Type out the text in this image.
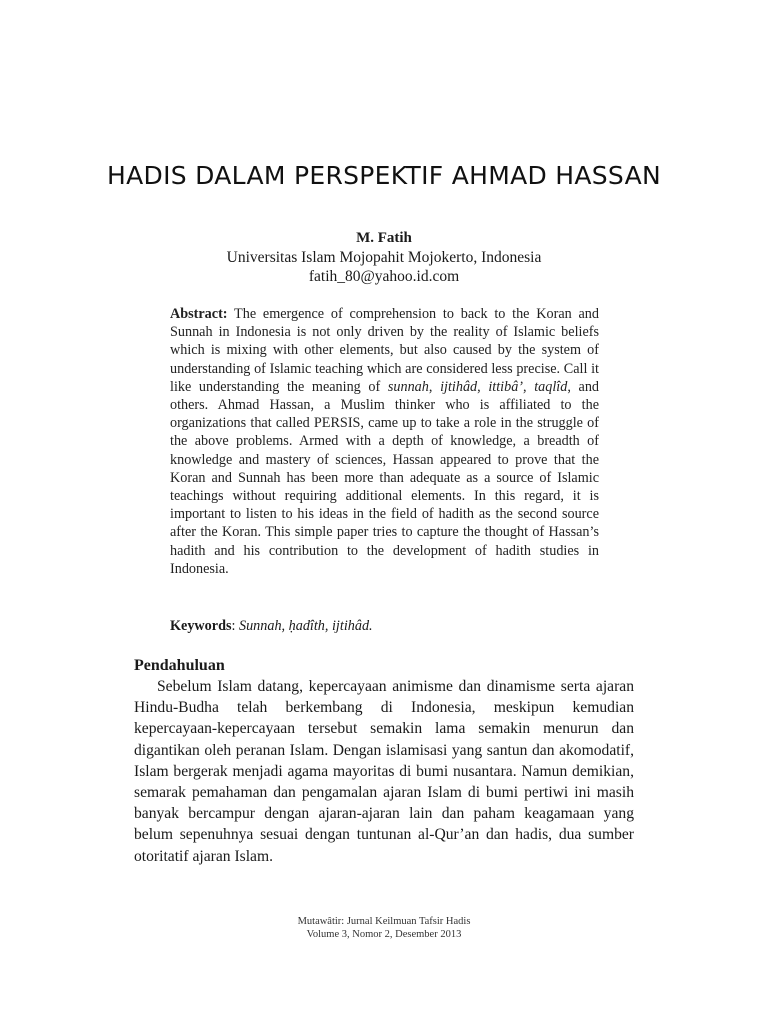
HADIS DALAM PERSPEKTIF AHMAD HASSAN
M. Fatih
Universitas Islam Mojopahit Mojokerto, Indonesia
fatih_80@yahoo.id.com
Abstract: The emergence of comprehension to back to the Koran and Sunnah in Indonesia is not only driven by the reality of Islamic beliefs which is mixing with other elements, but also caused by the system of understanding of Islamic teaching which are considered less precise. Call it like understanding the meaning of sunnah, ijtihâd, ittibâ’, taqlîd, and others. Ahmad Hassan, a Muslim thinker who is affiliated to the organizations that called PERSIS, came up to take a role in the struggle of the above problems. Armed with a depth of knowledge, a breadth of knowledge and mastery of sciences, Hassan appeared to prove that the Koran and Sunnah has been more than adequate as a source of Islamic teachings without requiring additional elements. In this regard, it is important to listen to his ideas in the field of hadith as the second source after the Koran. This simple paper tries to capture the thought of Hassan’s hadith and his contribution to the development of hadith studies in Indonesia.
Keywords: Sunnah, ḥadîth, ijtihâd.
Pendahuluan

Sebelum Islam datang, kepercayaan animisme dan dinamisme serta ajaran Hindu-Budha telah berkembang di Indonesia, meskipun kemudian kepercayaan-kepercayaan tersebut semakin lama semakin menurun dan digantikan oleh peranan Islam. Dengan islamisasi yang santun dan akomodatif, Islam bergerak menjadi agama mayoritas di bumi nusantara. Namun demikian, semarak pemahaman dan pengamalan ajaran Islam di bumi pertiwi ini masih banyak bercampur dengan ajaran-ajaran lain dan paham keagamaan yang belum sepenuhnya sesuai dengan tuntunan al-Qur’an dan hadis, dua sumber otoritatif ajaran Islam.

Mutawâtir: Jurnal Keilmuan Tafsir Hadis
Volume 3, Nomor 2, Desember 2013
